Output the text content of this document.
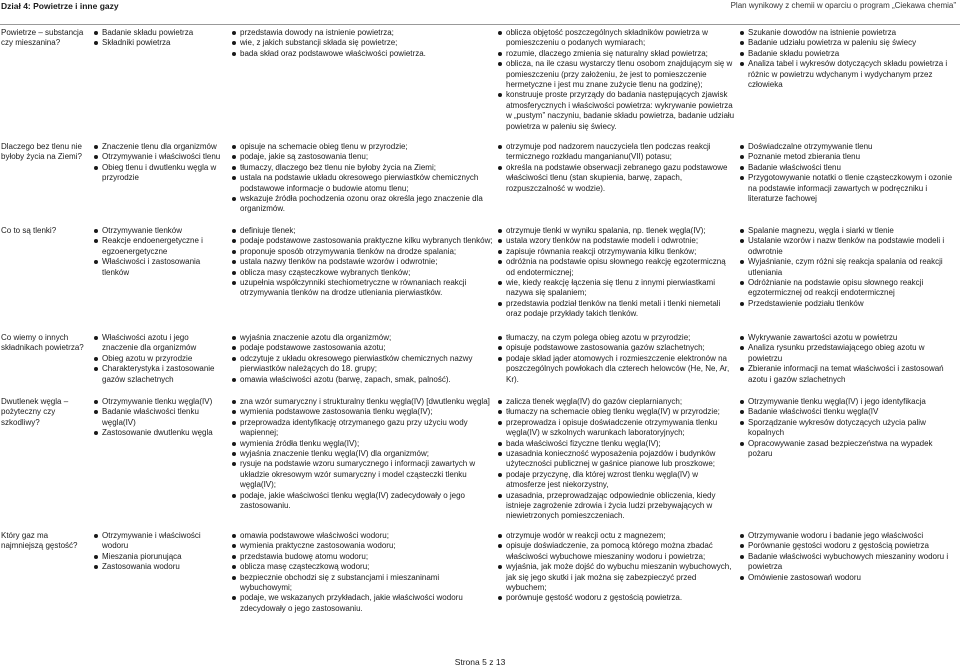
Dział 4: Powietrze i inne gazy	Plan wynikowy z chemii w oparciu o program „Ciekawa chemia”
Powietrze – substancja czy mieszanina?
Badanie składu powietrza
Składniki powietrza
przedstawia dowody na istnienie powietrza;
wie, z jakich substancji składa się powietrze;
bada skład oraz podstawowe właściwości powietrza.
oblicza objętość poszczególnych składników powietrza w pomieszczeniu o podanych wymiarach;
rozumie, dlaczego zmienia się naturalny skład powietrza;
oblicza, na ile czasu wystarczy tlenu osobom znajdującym się w pomieszczeniu (przy założeniu, że jest to pomieszczenie hermetyczne i jest mu znane zużycie tlenu na godzinę);
konstruuje proste przyrządy do badania następujących zjawisk atmosferycznych i właściwości powietrza: wykrywanie powietrza w „pustym” naczyniu, badanie składu powietrza, badanie udziału powietrza w paleniu się świecy.
Szukanie dowodów na istnienie powietrza
Badanie udziału powietrza w paleniu się świecy
Badanie składu powietrza
Analiza tabel i wykresów dotyczących składu powietrza i różnic w powietrzu wdychanym i wydychanym przez człowieka
Dlaczego bez tlenu nie byłoby życia na Ziemi?
Znaczenie tlenu dla organizmów
Otrzymywanie i właściwości tlenu
Obieg tlenu i dwutlenku węgla w przyrodzie
opisuje na schemacie obieg tlenu w przyrodzie;
podaje, jakie są zastosowania tlenu;
tłumaczy, dlaczego bez tlenu nie byłoby życia na Ziemi;
ustala na podstawie układu okresowego pierwiastków chemicznych podstawowe informacje o budowie atomu tlenu;
wskazuje źródła pochodzenia ozonu oraz określa jego znaczenie dla organizmów.
otrzymuje pod nadzorem nauczyciela tlen podczas reakcji termicznego rozkładu manganianu(VII) potasu;
określa na podstawie obserwacji zebranego gazu podstawowe właściwości tlenu (stan skupienia, barwę, zapach, rozpuszczalność w wodzie).
Doświadczalne otrzymywanie tlenu
Poznanie metod zbierania tlenu
Badanie właściwości tlenu
Przygotowywanie notatki o tlenie cząsteczkowym i ozonie na podstawie informacji zawartych w podręczniku i literaturze fachowej
Co to są tlenki?	Otrzymywanie tlenków
Reakcje endoenergetyczne i egzoenergetyczne
Właściwości i zastosowania tlenków
definiuje tlenek;
podaje podstawowe zastosowania praktyczne kilku wybranych tlenków;
proponuje sposób otrzymywania tlenków na drodze spalania;
ustala nazwy tlenków na podstawie wzorów i odwrotnie;
oblicza masy cząsteczkowe wybranych tlenków;
uzupełnia współczynniki stechiometryczne w równaniach reakcji otrzymywania tlenków na drodze utleniania pierwiastków.
otrzymuje tlenki w wyniku spalania, np. tlenek węgla(IV);
ustala wzory tlenków na podstawie modeli i odwrotnie;
zapisuje równania reakcji otrzymywania kilku tlenków;
odróżnia na podstawie opisu słownego reakcję egzotermiczną od endotermicznej;
wie, kiedy reakcję łączenia się tlenu z innymi pierwiastkami nazywa się spalaniem;
przedstawia podział tlenków na tlenki metali i tlenki niemetali oraz podaje przykłady takich tlenków.
Spalanie magnezu, węgla i siarki w tlenie
Ustalanie wzorów i nazw tlenków na podstawie modeli i odwrotnie
Wyjaśnianie, czym różni się reakcja spalania od reakcji utleniania
Odróżnianie na podstawie opisu słownego reakcji egzotermicznej od reakcji endotermicznej
Przedstawienie podziału tlenków
Co wiemy o innych składnikach powietrza?
Właściwości azotu i jego znaczenie dla organizmów
Obieg azotu w przyrodzie
Charakterystyka i zastosowanie gazów szlachetnych
wyjaśnia znaczenie azotu dla organizmów;
podaje podstawowe zastosowania azotu;
odczytuje z układu okresowego pierwiastków chemicznych nazwy pierwiastków należących do 18. grupy;
omawia właściwości azotu (barwę, zapach, smak, palność).
tłumaczy, na czym polega obieg azotu w przyrodzie;
opisuje podstawowe zastosowania gazów szlachetnych;
podaje skład jąder atomowych i rozmieszczenie elektronów na poszczególnych powłokach dla czterech helowców (He, Ne, Ar, Kr).
Wykrywanie zawartości azotu w powietrzu
Analiza rysunku przedstawiającego obieg azotu w powietrzu
Zbieranie informacji na temat właściwości i zastosowań azotu i gazów szlachetnych
Dwutlenek węgla – pożyteczny czy szkodliwy?
Otrzymywanie tlenku węgla(IV)
Badanie właściwości tlenku węgla(IV)
Zastosowanie dwutlenku węgla
zna wzór sumaryczny i strukturalny tlenku węgla(IV) [dwutlenku węgla]
wymienia podstawowe zastosowania tlenku węgla(IV);
przeprowadza identyfikację otrzymanego gazu przy użyciu wody wapiennej;
wymienia źródła tlenku węgla(IV);
wyjaśnia znaczenie tlenku węgla(IV) dla organizmów;
rysuje na podstawie wzoru sumarycznego i informacji zawartych w układzie okresowym wzór sumaryczny i model cząsteczki tlenku węgla(IV);
podaje, jakie właściwości tlenku węgla(IV) zadecydowały o jego zastosowaniu.
zalicza tlenek węgla(IV) do gazów cieplarnianych;
tłumaczy na schemacie obieg tlenku węgla(IV) w przyrodzie;
przeprowadza i opisuje doświadczenie otrzymywania tlenku węgla(IV) w szkolnych warunkach laboratoryjnych;
bada właściwości fizyczne tlenku węgla(IV);
uzasadnia konieczność wyposażenia pojazdów i budynków użyteczności publicznej w gaśnice pianowe lub proszkowe;
podaje przyczynę, dla której wzrost tlenku węgla(IV) w atmosferze jest niekorzystny,
uzasadnia, przeprowadzając odpowiednie obliczenia, kiedy istnieje zagrożenie zdrowia i życia ludzi przebywających w niewietrzonych pomieszczeniach.
Otrzymywanie tlenku węgla(IV) i jego identyfikacja
Badanie właściwości tlenku węgla(IV
Sporządzanie wykresów dotyczących użycia paliw kopalnych
Opracowywanie zasad bezpieczeństwa na wypadek pożaru
Który gaz ma najmniejszą gęstość?
Otrzymywanie i właściwości wodoru
Mieszania piorunująca
Zastosowania wodoru
omawia podstawowe właściwości wodoru;
wymienia praktyczne zastosowania wodoru;
przedstawia budowę atomu wodoru;
oblicza masę cząsteczkową wodoru;
bezpiecznie obchodzi się z substancjami i mieszaninami wybuchowymi;
podaje, we wskazanych przykładach, jakie właściwości wodoru zdecydowały o jego zastosowaniu.
otrzymuje wodór w reakcji octu z magnezem;
opisuje doświadczenie, za pomocą którego można zbadać właściwości wybuchowe mieszaniny wodoru i powietrza;
wyjaśnia, jak może dojść do wybuchu mieszanin wybuchowych, jak się jego skutki i jak można się zabezpieczyć przed wybuchem;
porównuje gęstość wodoru z gęstością powietrza.
Otrzymywanie wodoru i badanie jego właściwości
Porównanie gęstości wodoru z gęstością powietrza
Badanie właściwości wybuchowych mieszaniny wodoru i powietrza
Omówienie zastosowań wodoru
Strona 5 z 13
